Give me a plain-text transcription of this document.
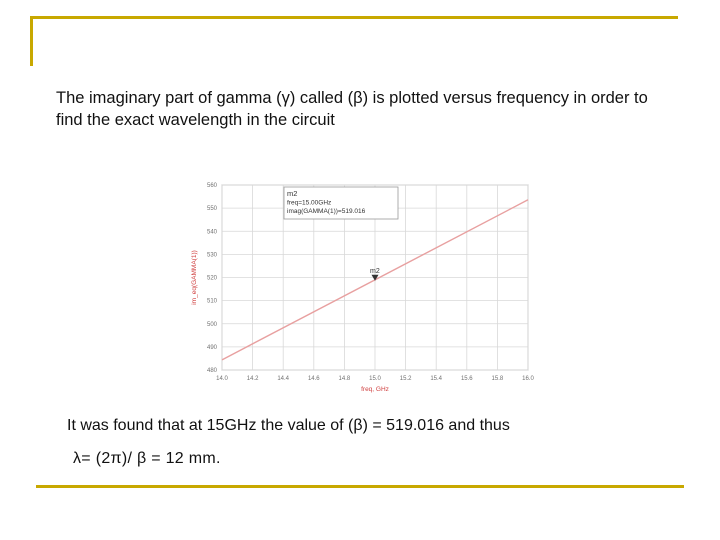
The imaginary part of gamma (γ) called (β) is plotted versus frequency in order to find the exact wavelength in the circuit
14.0	14.2	14.4	14.6	14.8	15.0	15.2	15.4	15.6	15.8	16.0
480
490
500
510
520
530
540
550
560
m2
m2
freq=15.00GHz
imag(GAMMA(1))=519.016
im_eq(GAMMA(1))
freq, GHz
It was found that at 15GHz the value of (β) = 519.016 and thus
λ= (2π)/ β = 12 mm.
